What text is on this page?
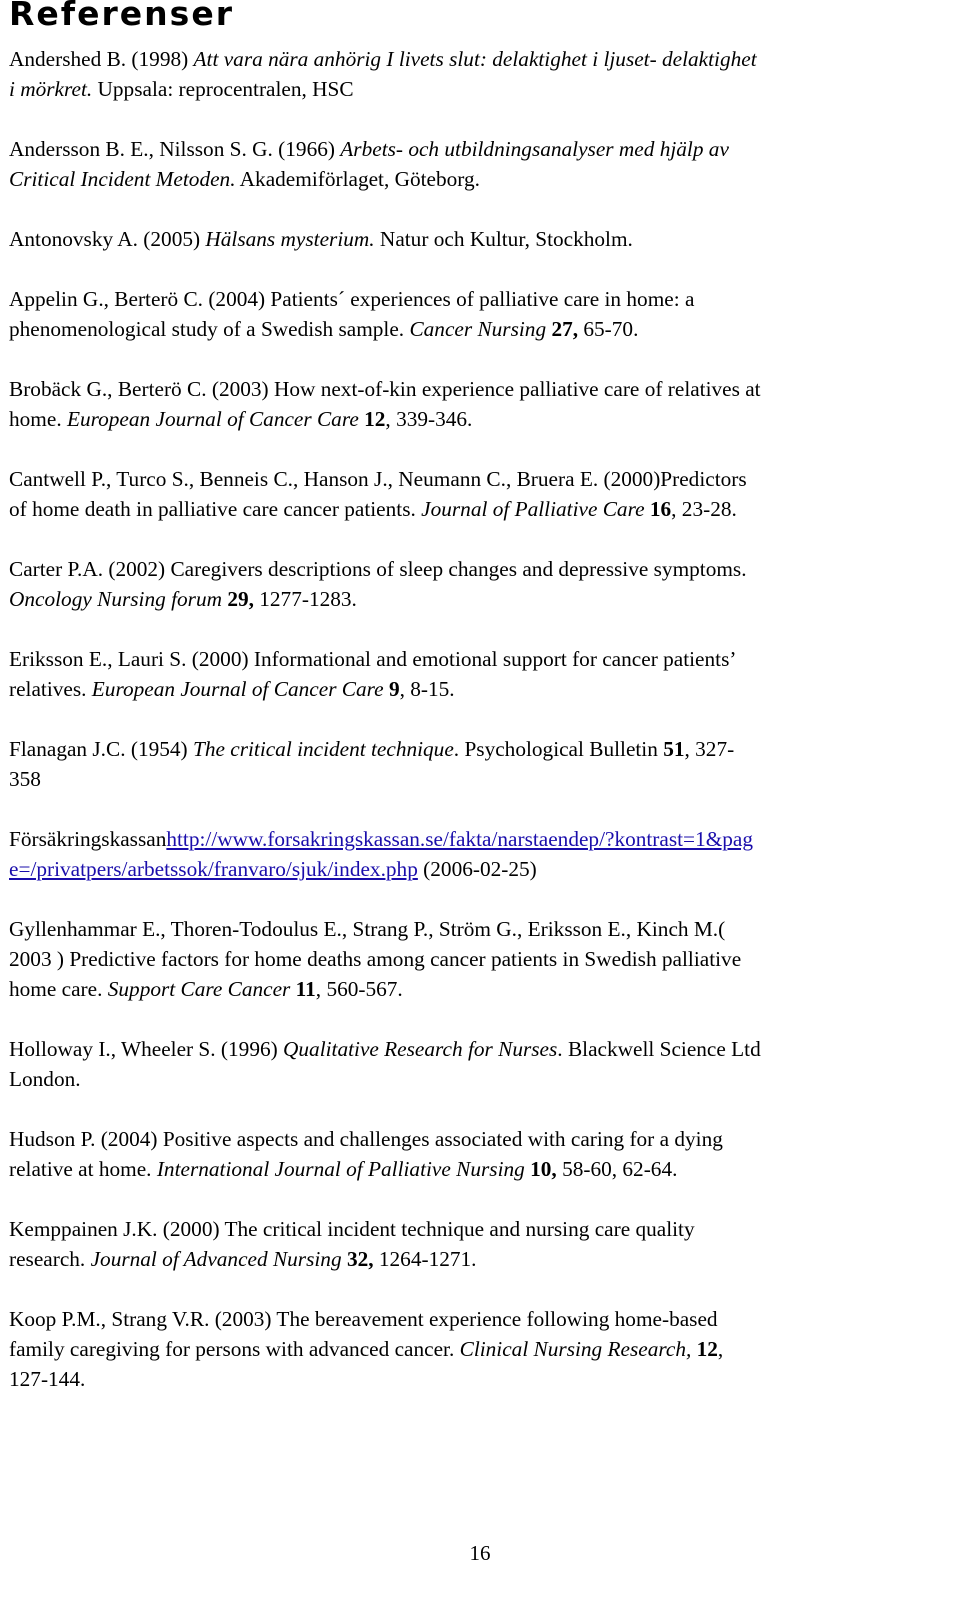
Referenser
Andershed B. (1998) Att vara nära anhörig I livets slut: delaktighet i ljuset- delaktighet
i mörkret. Uppsala: reprocentralen, HSC
Andersson B. E., Nilsson S. G. (1966) Arbets- och utbildningsanalyser med hjälp av
Critical Incident Metoden. Akademiförlaget, Göteborg.
Antonovsky A. (2005) Hälsans mysterium. Natur och Kultur, Stockholm.
Appelin G., Berterö C. (2004) Patients´ experiences of palliative care in home: a
phenomenological study of a Swedish sample. Cancer Nursing 27, 65-70.
Brobäck G., Berterö C. (2003) How next-of-kin experience palliative care of relatives at
home. European Journal of Cancer Care 12, 339-346.
Cantwell P., Turco S., Benneis C., Hanson J., Neumann C., Bruera E. (2000)Predictors
of home death in palliative care cancer patients. Journal of Palliative Care 16, 23-28.
Carter P.A. (2002) Caregivers descriptions of sleep changes and depressive symptoms.
Oncology Nursing forum 29, 1277-1283.
Eriksson E., Lauri S. (2000) Informational and emotional support for cancer patients’
relatives. European Journal of Cancer Care 9, 8-15.
Flanagan J.C. (1954) The critical incident technique. Psychological Bulletin 51, 327-
358
Försäkringskassanhttp://www.forsakringskassan.se/fakta/narstaendep/?kontrast=1&pag
e=/privatpers/arbetssok/franvaro/sjuk/index.php (2006-02-25)
Gyllenhammar E., Thoren-Todoulus E., Strang P., Ström G., Eriksson E., Kinch M.(
2003 ) Predictive factors for home deaths among cancer patients in Swedish palliative
home care. Support Care Cancer 11, 560-567.
Holloway I., Wheeler S. (1996) Qualitative Research for Nurses. Blackwell Science Ltd
London.
Hudson P. (2004) Positive aspects and challenges associated with caring for a dying
relative at home. International Journal of Palliative Nursing 10, 58-60, 62-64.
Kemppainen J.K. (2000) The critical incident technique and nursing care quality
research. Journal of Advanced Nursing 32, 1264-1271.
Koop P.M., Strang V.R. (2003) The bereavement experience following home-based
family caregiving for persons with advanced cancer. Clinical Nursing Research, 12,
127-144.
16
